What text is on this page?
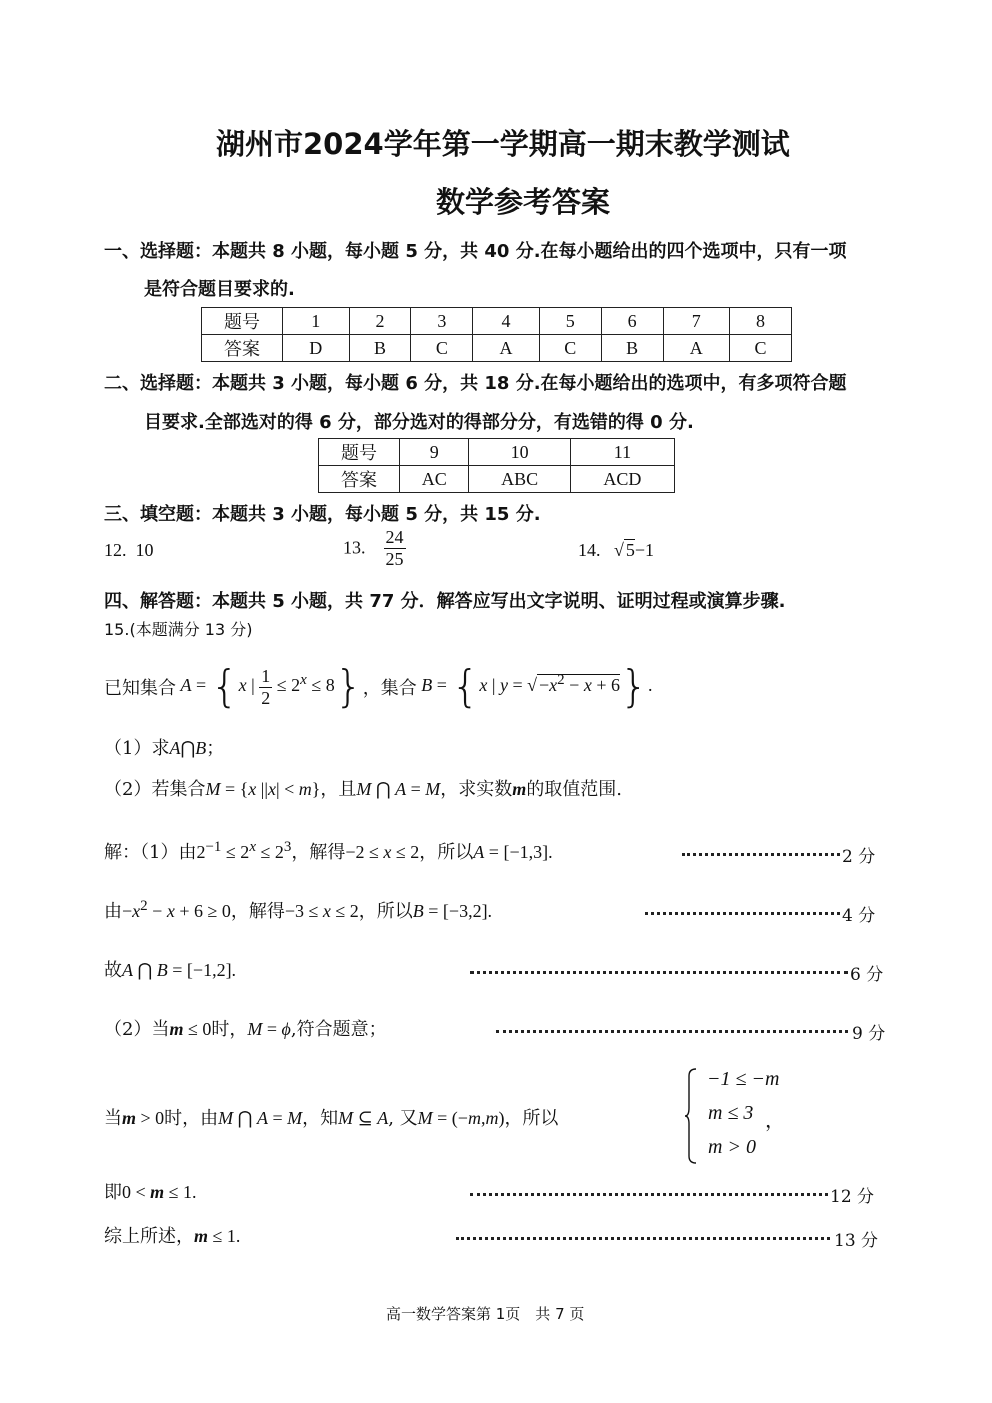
湖州市2024学年第一学期高一期末教学测试
数学参考答案
一、选择题：本题共 8 小题，每小题 5 分，共 40 分.在每小题给出的四个选项中，只有一项
是符合题目要求的.
题号	1	2	3	4	5	6	7	8
答案	D	B	C	A	C	B	A	C
二、选择题：本题共 3 小题，每小题 6 分，共 18 分.在每小题给出的选项中，有多项符合题
目要求.全部选对的得 6 分，部分选对的得部分分，有选错的得 0 分.
题号	9	10	11
答案	AC	ABC	ACD
三、填空题：本题共 3 小题，每小题 5 分，共 15 分.
12. 10	13. $\frac{24}{25}$	14. √ 5−1
四、解答题：本题共 5 小题，共 77 分．解答应写出文字说明、证明过程或演算步骤.
15.(本题满分 13 分)
已知集合 A = {x | $\frac{1}{2} \le 2^x \le 8$} ，集合 B = {x | y = √ $-x^2 - x + 6$}.
（1）求A⋂B；
（2）若集合M = {x ||x| < m}，且M ⋂ A = M，求实数m的取值范围.
解：（1）由$2^{-1} \le 2^x \le 2^3$，解得−2 ≤ x ≤ 2，所以A = [−1,3].	2 分
由$-x^2 - x + 6 \ge 0$，解得−3 ≤ x ≤ 2，所以B = [−3,2].	4 分
故A ⋂ B = [−1,2].	6 分
（2）当m ≤ 0时，M = ϕ,符合题意；	9 分
当m > 0时，由M ⋂ A = M，知M ⊆ A, 又M = (−m,m)，所以
−1 ≤ −m
m ≤ 3 ，
m > 0
即0 < m ≤ 1.	12 分
综上所述，m ≤ 1.	13 分
高一数学答案第 1页　共 7 页
